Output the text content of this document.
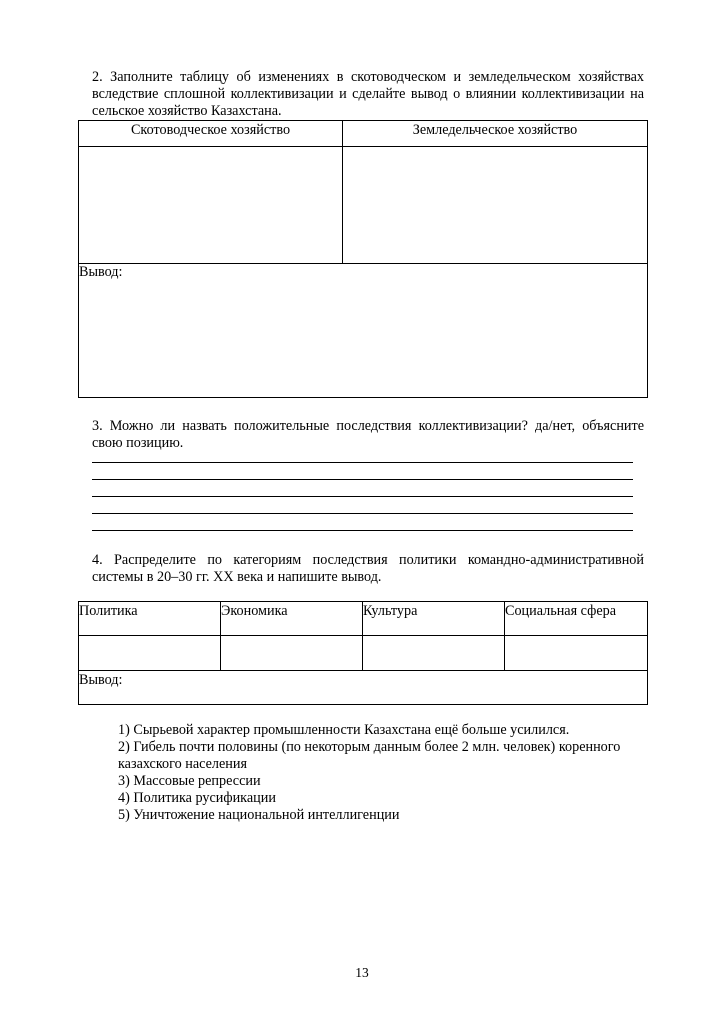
2. Заполните таблицу об изменениях в скотоводческом и земледельческом хозяйствах вследствие сплошной коллективизации и сделайте вывод о влиянии коллективизации на сельское хозяйство Казахстана.
Скотоводческое хозяйство	Земледельческое хозяйство

Вывод:	
3. Можно ли назвать положительные последствия коллективизации? да/нет, объясните свою позицию.
4. Распределите по категориям последствия политики командно-административной системы в 20–30 гг. XX века и напишите вывод.
Политика	Экономика	Культура	Социальная сфера

Вывод:			
1) Сырьевой характер промышленности Казахстана ещё больше усилился.
2) Гибель почти половины (по некоторым данным более 2 млн. человек) коренного казахского населения
3) Массовые репрессии
4) Политика русификации
5) Уничтожение национальной интеллигенции
13
